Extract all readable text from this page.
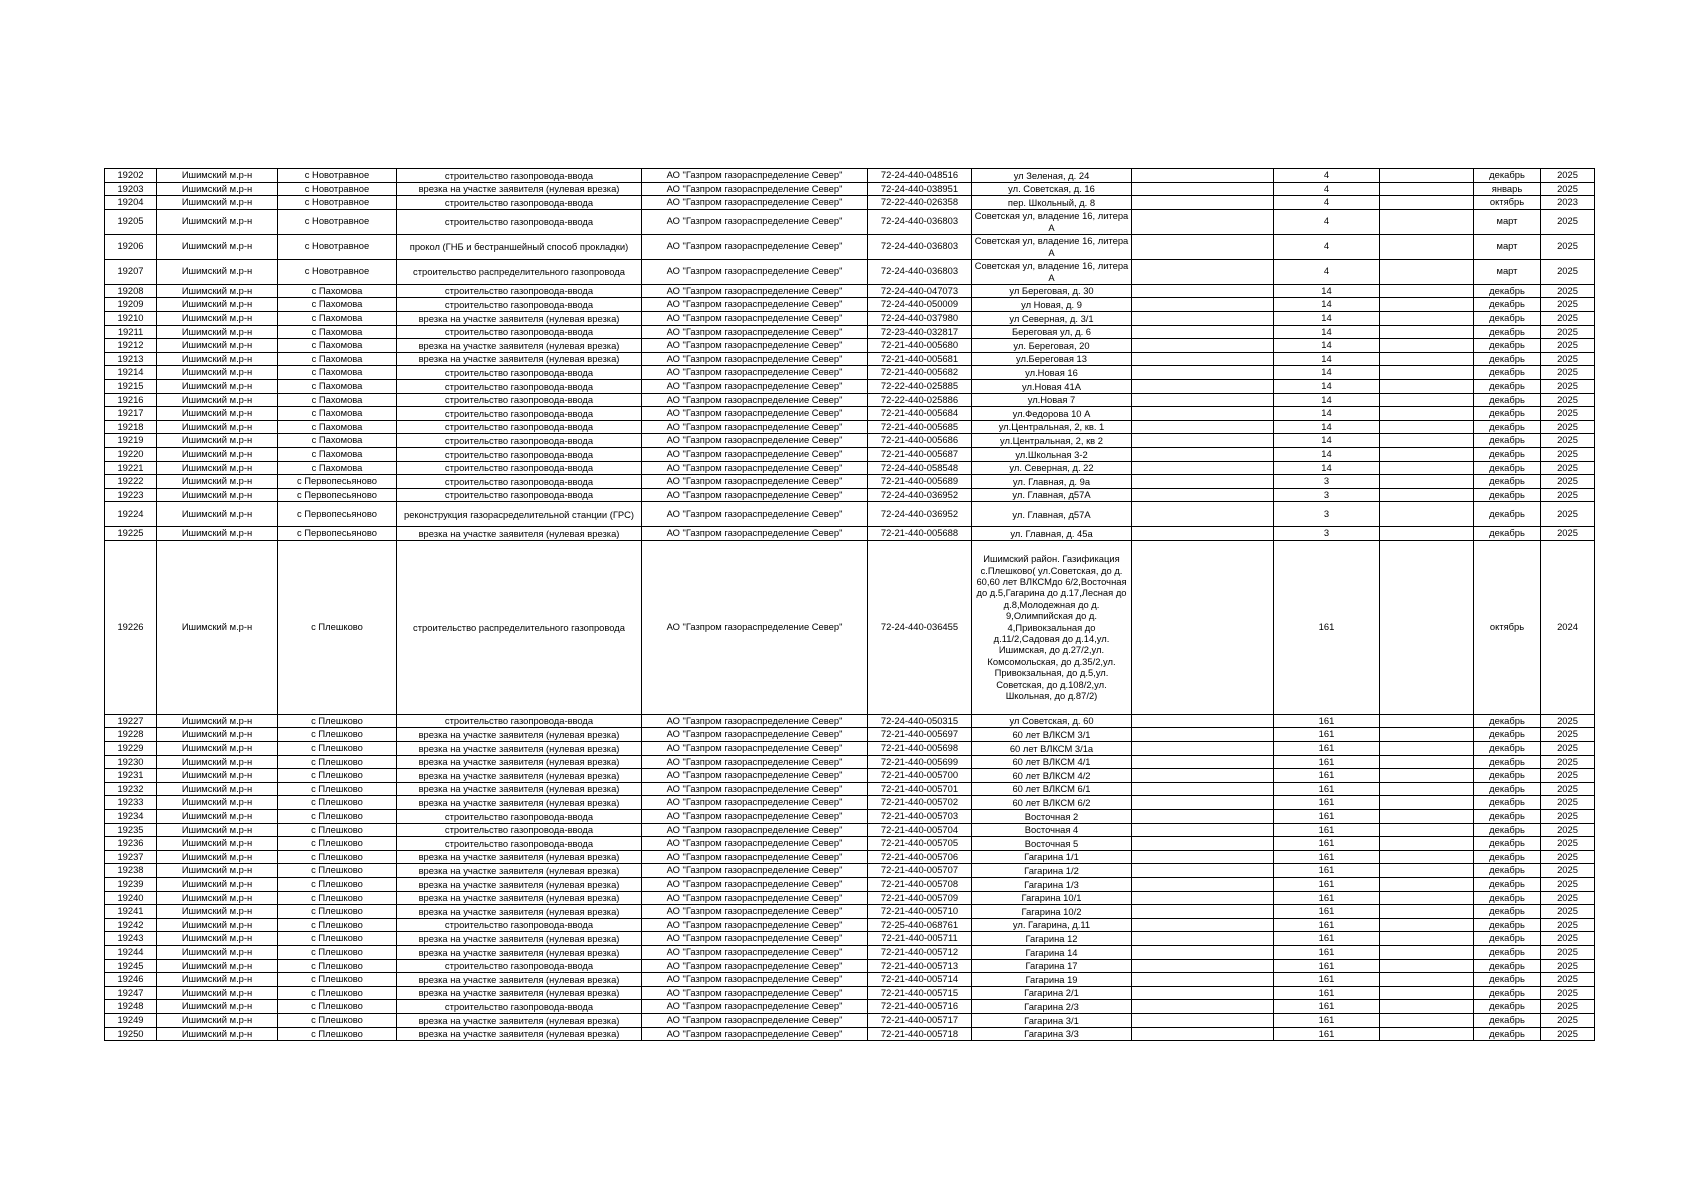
19202	Ишимский м.р-н	с Новотравное	строительство газопровода-ввода	АО "Газпром газораспределение Север"	72-24-440-048516	ул Зеленая, д. 24		4		декабрь	2025
19203	Ишимский м.р-н	с Новотравное	врезка на участке заявителя (нулевая врезка)	АО "Газпром газораспределение Север"	72-24-440-038951	ул. Советская, д. 16		4		январь	2025
19204	Ишимский м.р-н	с Новотравное	строительство газопровода-ввода	АО "Газпром газораспределение Север"	72-22-440-026358	пер. Школьный, д. 8		4		октябрь	2023
19205	Ишимский м.р-н	с Новотравное	строительство газопровода-ввода	АО "Газпром газораспределение Север"	72-24-440-036803	Советская ул, владение 16, литера А		4		март	2025
19206	Ишимский м.р-н	с Новотравное	прокол (ГНБ и бестраншейный способ прокладки)	АО "Газпром газораспределение Север"	72-24-440-036803	Советская ул, владение 16, литера А		4		март	2025
19207	Ишимский м.р-н	с Новотравное	строительство распределительного газопровода	АО "Газпром газораспределение Север"	72-24-440-036803	Советская ул, владение 16, литера А		4		март	2025
19208	Ишимский м.р-н	с Пахомова	строительство газопровода-ввода	АО "Газпром газораспределение Север"	72-24-440-047073	ул Береговая, д. 30		14		декабрь	2025
19209	Ишимский м.р-н	с Пахомова	строительство газопровода-ввода	АО "Газпром газораспределение Север"	72-24-440-050009	ул Новая, д. 9		14		декабрь	2025
19210	Ишимский м.р-н	с Пахомова	врезка на участке заявителя (нулевая врезка)	АО "Газпром газораспределение Север"	72-24-440-037980	ул Северная, д. 3/1		14		декабрь	2025
19211	Ишимский м.р-н	с Пахомова	строительство газопровода-ввода	АО "Газпром газораспределение Север"	72-23-440-032817	Береговая ул, д. 6		14		декабрь	2025
19212	Ишимский м.р-н	с Пахомова	врезка на участке заявителя (нулевая врезка)	АО "Газпром газораспределение Север"	72-21-440-005680	ул. Береговая, 20		14		декабрь	2025
19213	Ишимский м.р-н	с Пахомова	врезка на участке заявителя (нулевая врезка)	АО "Газпром газораспределение Север"	72-21-440-005681	ул.Береговая 13		14		декабрь	2025
19214	Ишимский м.р-н	с Пахомова	строительство газопровода-ввода	АО "Газпром газораспределение Север"	72-21-440-005682	ул.Новая 16		14		декабрь	2025
19215	Ишимский м.р-н	с Пахомова	строительство газопровода-ввода	АО "Газпром газораспределение Север"	72-22-440-025885	ул.Новая 41А		14		декабрь	2025
19216	Ишимский м.р-н	с Пахомова	строительство газопровода-ввода	АО "Газпром газораспределение Север"	72-22-440-025886	ул.Новая 7		14		декабрь	2025
19217	Ишимский м.р-н	с Пахомова	строительство газопровода-ввода	АО "Газпром газораспределение Север"	72-21-440-005684	ул.Федорова 10 А		14		декабрь	2025
19218	Ишимский м.р-н	с Пахомова	строительство газопровода-ввода	АО "Газпром газораспределение Север"	72-21-440-005685	ул.Центральная, 2, кв. 1		14		декабрь	2025
19219	Ишимский м.р-н	с Пахомова	строительство газопровода-ввода	АО "Газпром газораспределение Север"	72-21-440-005686	ул.Центральная, 2, кв 2		14		декабрь	2025
19220	Ишимский м.р-н	с Пахомова	строительство газопровода-ввода	АО "Газпром газораспределение Север"	72-21-440-005687	ул.Школьная 3-2		14		декабрь	2025
19221	Ишимский м.р-н	с Пахомова	строительство газопровода-ввода	АО "Газпром газораспределение Север"	72-24-440-058548	ул. Северная, д. 22		14		декабрь	2025
19222	Ишимский м.р-н	с Первопесьяново	строительство газопровода-ввода	АО "Газпром газораспределение Север"	72-21-440-005689	ул. Главная, д. 9а		3		декабрь	2025
19223	Ишимский м.р-н	с Первопесьяново	строительство газопровода-ввода	АО "Газпром газораспределение Север"	72-24-440-036952	ул. Главная, д57А		3		декабрь	2025
19224	Ишимский м.р-н	с Первопесьяново	реконструкция газорасределительной станции (ГРС)	АО "Газпром газораспределение Север"	72-24-440-036952	ул. Главная, д57А		3		декабрь	2025
19225	Ишимский м.р-н	с Первопесьяново	врезка на участке заявителя (нулевая врезка)	АО "Газпром газораспределение Север"	72-21-440-005688	ул. Главная, д. 45а		3		декабрь	2025
19226	Ишимский м.р-н	с Плешково	строительство распределительного газопровода	АО "Газпром газораспределение Север"	72-24-440-036455	Ишимский район. Газификация с.Плешково( ул.Советская, до д. 60,60 лет ВЛКСМдо 6/2,Восточная до д.5,Гагарина до д.17,Лесная до д.8,Молодежная до д. 9,Олимпийская до д. 4,Привокзальная до д.11/2,Садовая до д.14,ул. Ишимская, до д.27/2,ул. Комсомольская, до д.35/2,ул. Привокзальная, до д.5,ул. Советская, до д.108/2,ул. Школьная, до д.87/2)		161		октябрь	2024
19227	Ишимский м.р-н	с Плешково	строительство газопровода-ввода	АО "Газпром газораспределение Север"	72-24-440-050315	ул Советская, д. 60		161		декабрь	2025
19228	Ишимский м.р-н	с Плешково	врезка на участке заявителя (нулевая врезка)	АО "Газпром газораспределение Север"	72-21-440-005697	60 лет ВЛКСМ 3/1		161		декабрь	2025
19229	Ишимский м.р-н	с Плешково	врезка на участке заявителя (нулевая врезка)	АО "Газпром газораспределение Север"	72-21-440-005698	60 лет ВЛКСМ 3/1а		161		декабрь	2025
19230	Ишимский м.р-н	с Плешково	врезка на участке заявителя (нулевая врезка)	АО "Газпром газораспределение Север"	72-21-440-005699	60 лет ВЛКСМ 4/1		161		декабрь	2025
19231	Ишимский м.р-н	с Плешково	врезка на участке заявителя (нулевая врезка)	АО "Газпром газораспределение Север"	72-21-440-005700	60 лет ВЛКСМ 4/2		161		декабрь	2025
19232	Ишимский м.р-н	с Плешково	врезка на участке заявителя (нулевая врезка)	АО "Газпром газораспределение Север"	72-21-440-005701	60 лет ВЛКСМ 6/1		161		декабрь	2025
19233	Ишимский м.р-н	с Плешково	врезка на участке заявителя (нулевая врезка)	АО "Газпром газораспределение Север"	72-21-440-005702	60 лет ВЛКСМ 6/2		161		декабрь	2025
19234	Ишимский м.р-н	с Плешково	строительство газопровода-ввода	АО "Газпром газораспределение Север"	72-21-440-005703	Восточная 2		161		декабрь	2025
19235	Ишимский м.р-н	с Плешково	строительство газопровода-ввода	АО "Газпром газораспределение Север"	72-21-440-005704	Восточная 4		161		декабрь	2025
19236	Ишимский м.р-н	с Плешково	строительство газопровода-ввода	АО "Газпром газораспределение Север"	72-21-440-005705	Восточная 5		161		декабрь	2025
19237	Ишимский м.р-н	с Плешково	врезка на участке заявителя (нулевая врезка)	АО "Газпром газораспределение Север"	72-21-440-005706	Гагарина 1/1		161		декабрь	2025
19238	Ишимский м.р-н	с Плешково	врезка на участке заявителя (нулевая врезка)	АО "Газпром газораспределение Север"	72-21-440-005707	Гагарина 1/2		161		декабрь	2025
19239	Ишимский м.р-н	с Плешково	врезка на участке заявителя (нулевая врезка)	АО "Газпром газораспределение Север"	72-21-440-005708	Гагарина 1/3		161		декабрь	2025
19240	Ишимский м.р-н	с Плешково	врезка на участке заявителя (нулевая врезка)	АО "Газпром газораспределение Север"	72-21-440-005709	Гагарина 10/1		161		декабрь	2025
19241	Ишимский м.р-н	с Плешково	врезка на участке заявителя (нулевая врезка)	АО "Газпром газораспределение Север"	72-21-440-005710	Гагарина 10/2		161		декабрь	2025
19242	Ишимский м.р-н	с Плешково	строительство газопровода-ввода	АО "Газпром газораспределение Север"	72-25-440-068761	ул. Гагарина, д.11		161		декабрь	2025
19243	Ишимский м.р-н	с Плешково	врезка на участке заявителя (нулевая врезка)	АО "Газпром газораспределение Север"	72-21-440-005711	Гагарина 12		161		декабрь	2025
19244	Ишимский м.р-н	с Плешково	врезка на участке заявителя (нулевая врезка)	АО "Газпром газораспределение Север"	72-21-440-005712	Гагарина 14		161		декабрь	2025
19245	Ишимский м.р-н	с Плешково	строительство газопровода-ввода	АО "Газпром газораспределение Север"	72-21-440-005713	Гагарина 17		161		декабрь	2025
19246	Ишимский м.р-н	с Плешково	врезка на участке заявителя (нулевая врезка)	АО "Газпром газораспределение Север"	72-21-440-005714	Гагарина 19		161		декабрь	2025
19247	Ишимский м.р-н	с Плешково	врезка на участке заявителя (нулевая врезка)	АО "Газпром газораспределение Север"	72-21-440-005715	Гагарина 2/1		161		декабрь	2025
19248	Ишимский м.р-н	с Плешково	строительство газопровода-ввода	АО "Газпром газораспределение Север"	72-21-440-005716	Гагарина 2/3		161		декабрь	2025
19249	Ишимский м.р-н	с Плешково	врезка на участке заявителя (нулевая врезка)	АО "Газпром газораспределение Север"	72-21-440-005717	Гагарина 3/1		161		декабрь	2025
19250	Ишимский м.р-н	с Плешково	врезка на участке заявителя (нулевая врезка)	АО "Газпром газораспределение Север"	72-21-440-005718	Гагарина 3/3		161		декабрь	2025
